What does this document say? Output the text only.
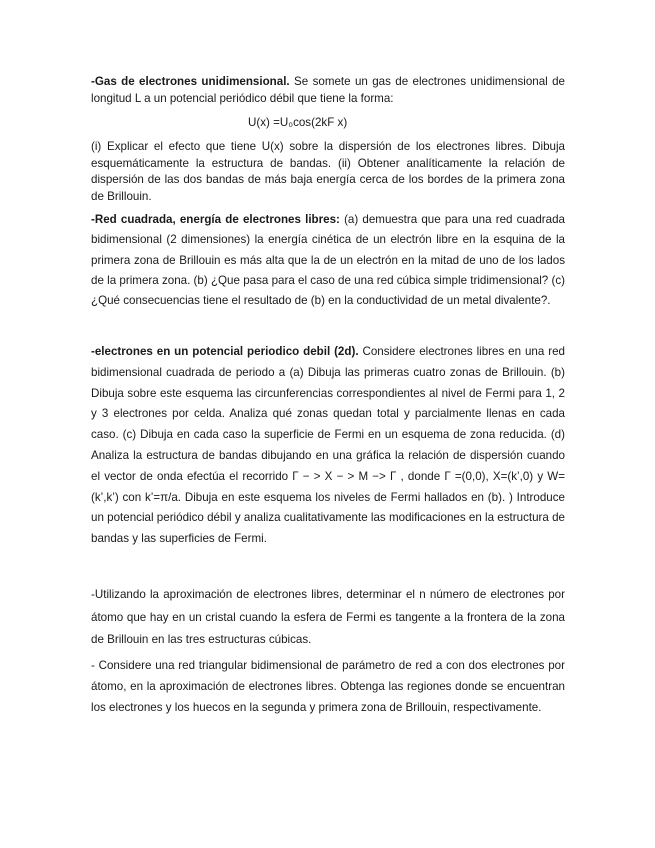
-Gas de electrones unidimensional. Se somete un gas de electrones unidimensional de longitud L a un potencial periódico débil que tiene la forma:

U(x) =U₀cos(2kF x)

(i) Explicar el efecto que tiene U(x) sobre la dispersión de los electrones libres. Dibuja esquemáticamente la estructura de bandas. (ii) Obtener analíticamente la relación de dispersión de las dos bandas de más baja energía cerca de los bordes de la primera zona de Brillouin.

-Red cuadrada, energía de electrones libres: (a) demuestra que para una red cuadrada bidimensional (2 dimensiones) la energía cinética de un electrón libre en la esquina de la primera zona de Brillouin es más alta que la de un electrón en la mitad de uno de los lados de la primera zona. (b) ¿Que pasa para el caso de una red cúbica simple tridimensional? (c) ¿Qué consecuencias tiene el resultado de (b) en la conductividad de un metal divalente?.

-electrones en un potencial periodico debil (2d). Considere electrones libres en una red bidimensional cuadrada de periodo a (a) Dibuja las primeras cuatro zonas de Brillouin. (b) Dibuja sobre este esquema las circunferencias correspondientes al nivel de Fermi para 1, 2 y 3 electrones por celda. Analiza qué zonas quedan total y parcialmente llenas en cada caso. (c) Dibuja en cada caso la superficie de Fermi en un esquema de zona reducida. (d) Analiza la estructura de bandas dibujando en una gráfica la relación de dispersión cuando el vector de onda efectúa el recorrido Γ − > X − > M −> Γ , donde Γ =(0,0), X=(k’,0) y W=(k’,k’) con k’=π/a. Dibuja en este esquema los niveles de Fermi hallados en (b). ) Introduce un potencial periódico débil y analiza cualitativamente las modificaciones en la estructura de bandas y las superficies de Fermi.

-Utilizando la aproximación de electrones libres, determinar el n número de electrones por átomo que hay en un cristal cuando la esfera de Fermi es tangente a la frontera de la zona de Brillouin en las tres estructuras cúbicas.

- Considere una red triangular bidimensional de parámetro de red a con dos electrones por átomo, en la aproximación de electrones libres. Obtenga las regiones donde se encuentran los electrones y los huecos en la segunda y primera zona de Brillouin, respectivamente.
